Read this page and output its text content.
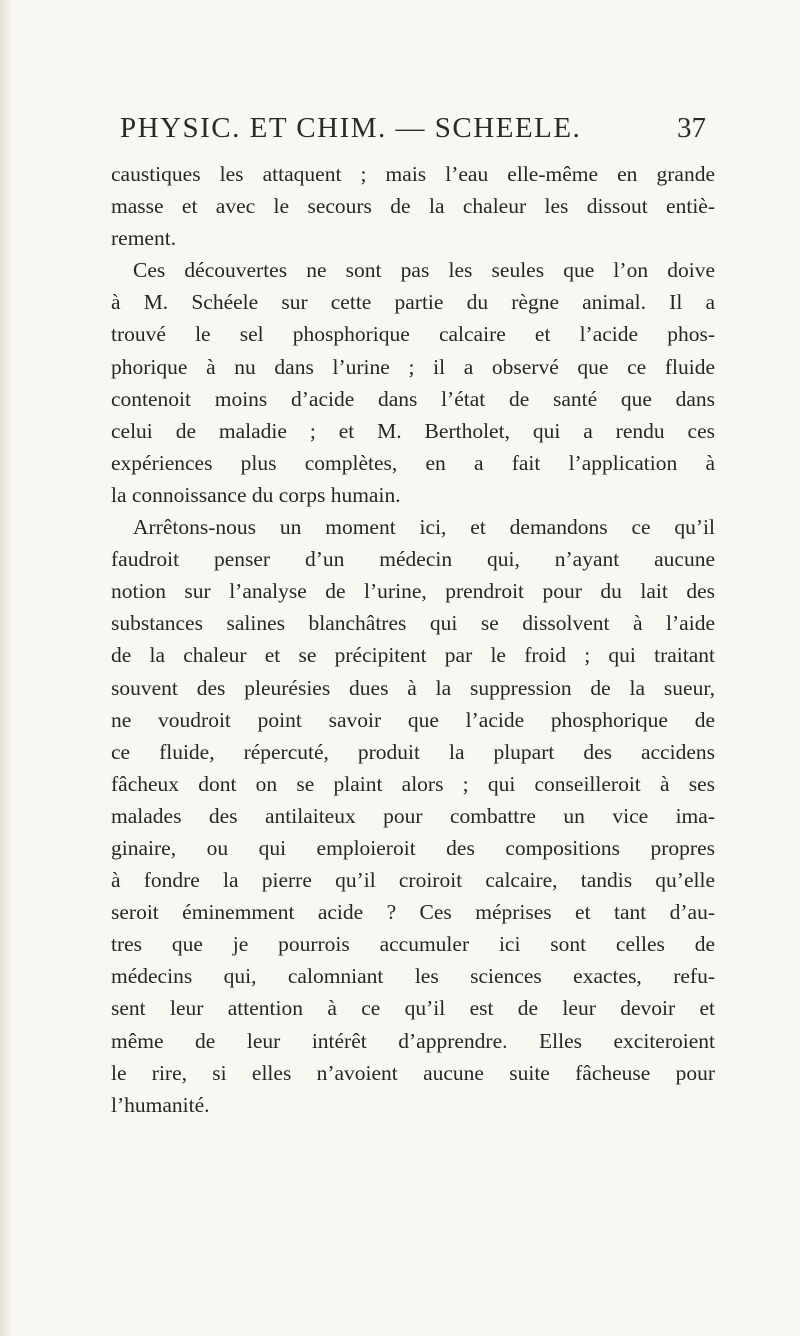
PHYSIC. ET CHIM. — SCHEELE.	37
caustiques les attaquent ; mais l’eau elle-même en grande
masse et avec le secours de la chaleur les dissout entiè-
rement.
Ces découvertes ne sont pas les seules que l’on doive
à M. Schéele sur cette partie du règne animal. Il a
trouvé le sel phosphorique calcaire et l’acide phos-
phorique à nu dans l’urine ; il a observé que ce fluide
contenoit moins d’acide dans l’état de santé que dans
celui de maladie ; et M. Bertholet, qui a rendu ces
expériences plus complètes, en a fait l’application à
la connoissance du corps humain.
Arrêtons-nous un moment ici, et demandons ce qu’il
faudroit penser d’un médecin qui, n’ayant aucune
notion sur l’analyse de l’urine, prendroit pour du lait des
substances salines blanchâtres qui se dissolvent à l’aide
de la chaleur et se précipitent par le froid ; qui traitant
souvent des pleurésies dues à la suppression de la sueur,
ne voudroit point savoir que l’acide phosphorique de
ce fluide, répercuté, produit la plupart des accidens
fâcheux dont on se plaint alors ; qui conseilleroit à ses
malades des antilaiteux pour combattre un vice ima-
ginaire, ou qui emploieroit des compositions propres
à fondre la pierre qu’il croiroit calcaire, tandis qu’elle
seroit éminemment acide ? Ces méprises et tant d’au-
tres que je pourrois accumuler ici sont celles de
médecins qui, calomniant les sciences exactes, refu-
sent leur attention à ce qu’il est de leur devoir et
même de leur intérêt d’apprendre. Elles exciteroient
le rire, si elles n’avoient aucune suite fâcheuse pour
l’humanité.
